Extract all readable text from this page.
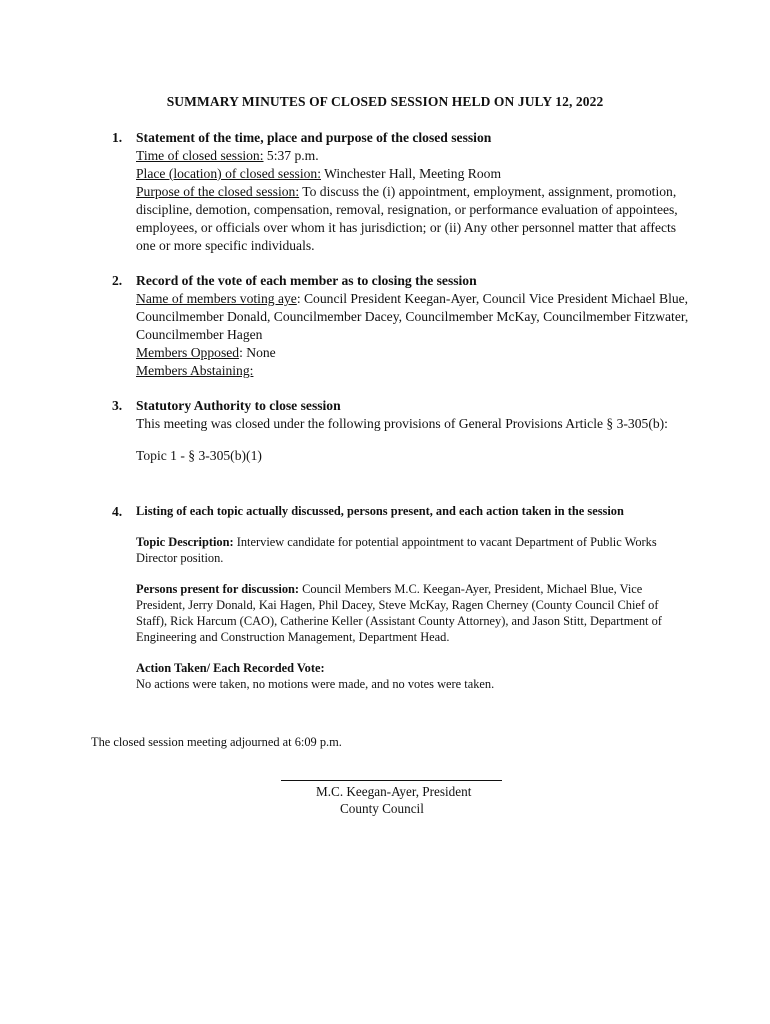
SUMMARY MINUTES OF CLOSED SESSION HELD ON JULY 12, 2022
1. Statement of the time, place and purpose of the closed session
Time of closed session: 5:37 p.m.
Place (location) of closed session: Winchester Hall, Meeting Room
Purpose of the closed session: To discuss the (i) appointment, employment, assignment, promotion, discipline, demotion, compensation, removal, resignation, or performance evaluation of appointees, employees, or officials over whom it has jurisdiction; or (ii) Any other personnel matter that affects one or more specific individuals.
2. Record of the vote of each member as to closing the session
Name of members voting aye: Council President Keegan-Ayer, Council Vice President Michael Blue, Councilmember Donald, Councilmember Dacey, Councilmember McKay, Councilmember Fitzwater, Councilmember Hagen
Members Opposed: None
Members Abstaining:
3. Statutory Authority to close session
This meeting was closed under the following provisions of General Provisions Article § 3-305(b):
Topic 1 - § 3-305(b)(1)
4. Listing of each topic actually discussed, persons present, and each action taken in the session
Topic Description: Interview candidate for potential appointment to vacant Department of Public Works Director position.
Persons present for discussion: Council Members M.C. Keegan-Ayer, President, Michael Blue, Vice President, Jerry Donald, Kai Hagen, Phil Dacey, Steve McKay, Ragen Cherney (County Council Chief of Staff), Rick Harcum (CAO), Catherine Keller (Assistant County Attorney), and Jason Stitt, Department of Engineering and Construction Management, Department Head.
Action Taken/ Each Recorded Vote:
No actions were taken, no motions were made, and no votes were taken.
The closed session meeting adjourned at 6:09 p.m.
M.C. Keegan-Ayer, President
County Council
